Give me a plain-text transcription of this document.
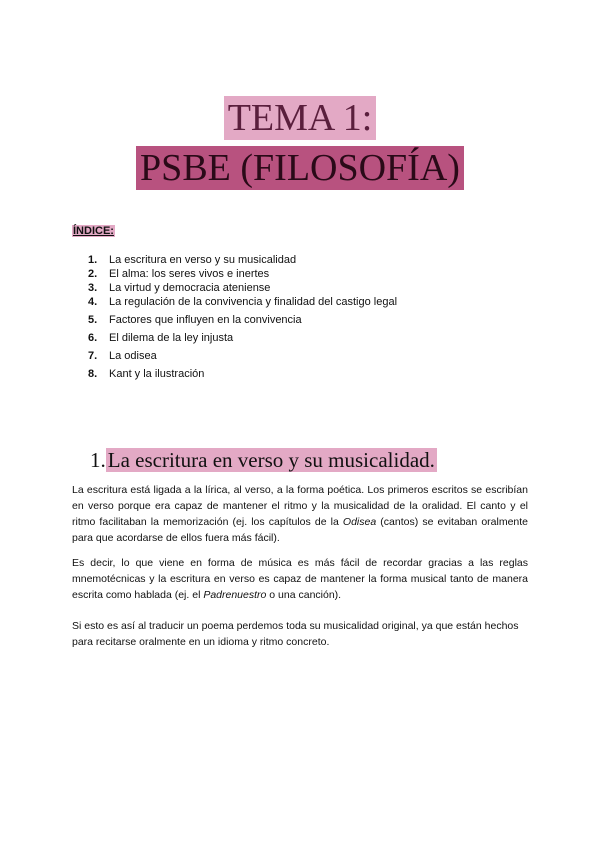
TEMA 1:
PSBE (FILOSOFÍA)
ÍNDICE:
1. La escritura en verso y su musicalidad
2. El alma: los seres vivos e inertes
3. La virtud y democracia ateniense
4. La regulación de la convivencia y finalidad del castigo legal
5. Factores que influyen en la convivencia
6. El dilema de la ley injusta
7. La odisea
8. Kant y la ilustración
1.La escritura en verso y su musicalidad.

La escritura está ligada a la lírica, al verso, a la forma poética. Los primeros escritos se escribían en verso porque era capaz de mantener el ritmo y la musicalidad de la oralidad. El canto y el ritmo facilitaban la memorización (ej. los capítulos de la Odisea (cantos) se evitaban oralmente para que acordarse de ellos fuera más fácil).

Es decir, lo que viene en forma de música es más fácil de recordar gracias a las reglas mnemotécnicas y la escritura en verso es capaz de mantener la forma musical tanto de manera escrita como hablada (ej. el Padrenuestro o una canción).

Si esto es así al traducir un poema perdemos toda su musicalidad original, ya que están hechos para recitarse oralmente en un idioma y ritmo concreto.
